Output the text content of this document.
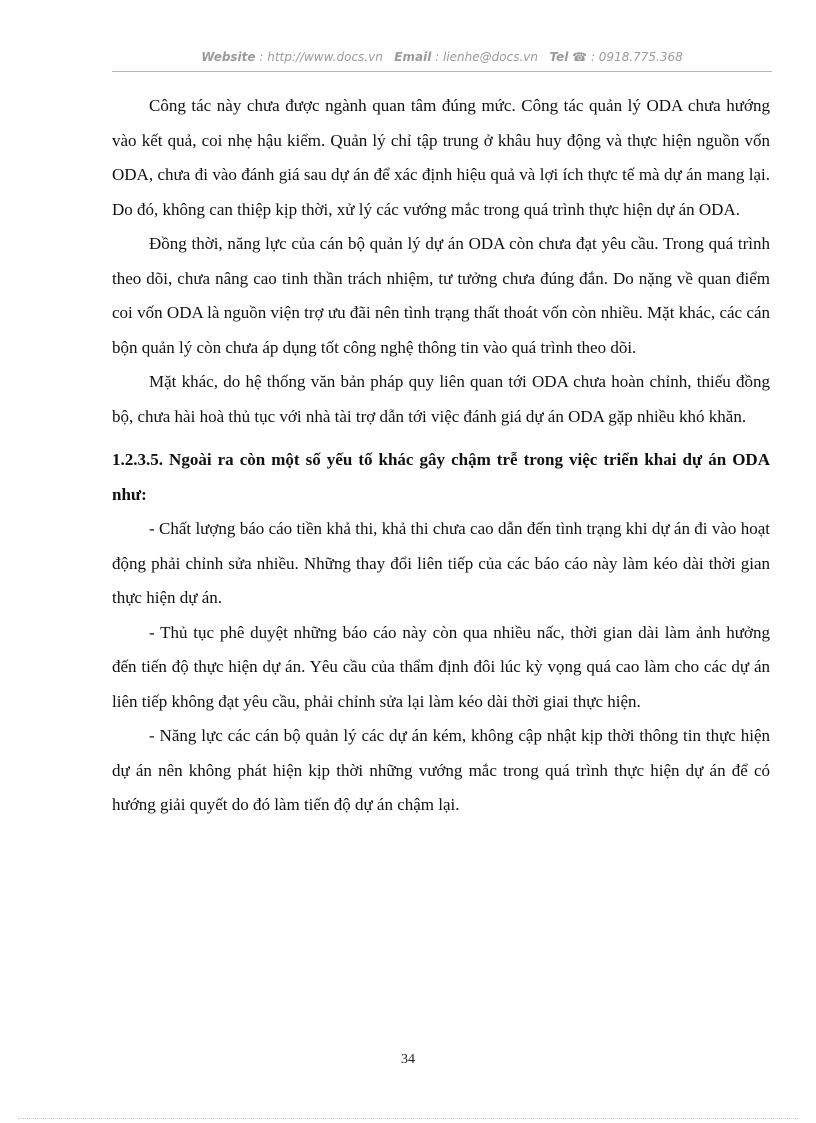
Website : http://www.docs.vn Email : lienhe@docs.vn Tel ☎ : 0918.775.368

Công tác này chưa được ngành quan tâm đúng mức. Công tác quản lý ODA chưa hướng vào kết quả, coi nhẹ hậu kiểm. Quản lý chỉ tập trung ở khâu huy động và thực hiện nguồn vốn ODA, chưa đi vào đánh giá sau dự án để xác định hiệu quả và lợi ích thực tế mà dự án mang lại. Do đó, không can thiệp kịp thời, xử lý các vướng mắc trong quá trình thực hiện dự án ODA.

Đồng thời, năng lực của cán bộ quản lý dự án ODA còn chưa đạt yêu cầu. Trong quá trình theo dõi, chưa nâng cao tinh thần trách nhiệm, tư tưởng chưa đúng đắn. Do nặng về quan điểm coi vốn ODA là nguồn viện trợ ưu đãi nên tình trạng thất thoát vốn còn nhiều. Mặt khác, các cán bộn quản lý còn chưa áp dụng tốt công nghệ thông tin vào quá trình theo dõi.

Mặt khác, do hệ thống văn bản pháp quy liên quan tới ODA chưa hoàn chỉnh, thiếu đồng bộ, chưa hài hoà thủ tục với nhà tài trợ dẫn tới việc đánh giá dự án ODA gặp nhiều khó khăn.

1.2.3.5. Ngoài ra còn một số yếu tố khác gây chậm trễ trong việc triển khai dự án ODA như:

- Chất lượng báo cáo tiền khả thi, khả thi chưa cao dẫn đến tình trạng khi dự án đi vào hoạt động phải chỉnh sửa nhiều. Những thay đổi liên tiếp của các báo cáo này làm kéo dài thời gian thực hiện dự án.

- Thủ tục phê duyệt những báo cáo này còn qua nhiều nấc, thời gian dài làm ảnh hưởng đến tiến độ thực hiện dự án. Yêu cầu của thẩm định đôi lúc kỳ vọng quá cao làm cho các dự án liên tiếp không đạt yêu cầu, phải chỉnh sửa lại làm kéo dài thời giai thực hiện.

- Năng lực các cán bộ quản lý các dự án kém, không cập nhật kịp thời thông tin thực hiện dự án nên không phát hiện kịp thời những vướng mắc trong quá trình thực hiện dự án để có hướng giải quyết do đó làm tiến độ dự án chậm lại.

34
